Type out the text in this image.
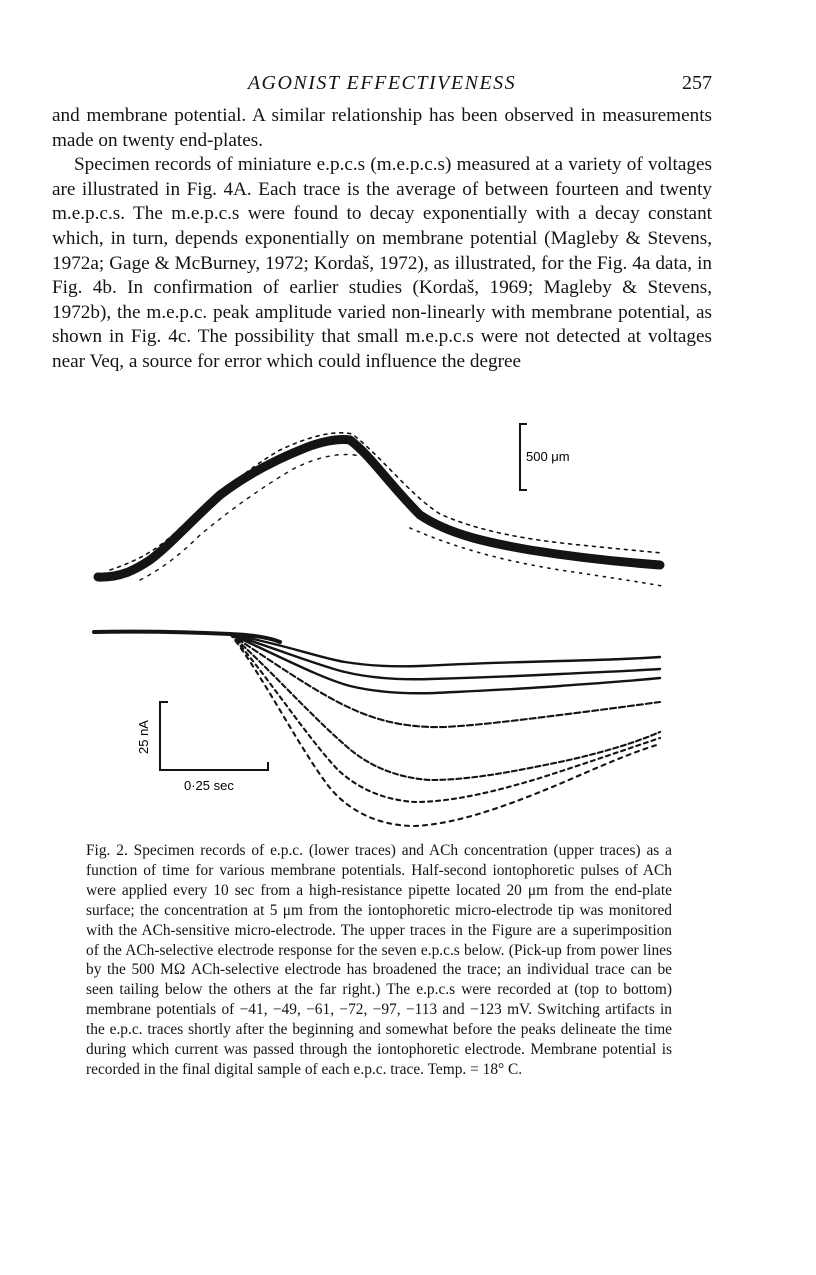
AGONIST EFFECTIVENESS	257

and membrane potential. A similar relationship has been observed in measurements made on twenty end-plates.

Specimen records of miniature e.p.c.s (m.e.p.c.s) measured at a variety of voltages are illustrated in Fig. 4A. Each trace is the average of between fourteen and twenty m.e.p.c.s. The m.e.p.c.s were found to decay exponentially with a decay constant which, in turn, depends exponentially on membrane potential (Magleby & Stevens, 1972a; Gage & McBurney, 1972; Kordaš, 1972), as illustrated, for the Fig. 4a data, in Fig. 4b. In confirmation of earlier studies (Kordaš, 1969; Magleby & Stevens, 1972b), the m.e.p.c. peak amplitude varied non-linearly with membrane potential, as shown in Fig. 4c. The possibility that small m.e.p.c.s were not detected at voltages near Veq, a source for error which could influence the degree

500 μm
25 nA
0·25 sec
Fig. 2. Specimen records of e.p.c. (lower traces) and ACh concentration (upper traces) as a function of time for various membrane potentials. Half-second iontophoretic pulses of ACh were applied every 10 sec from a high-resistance pipette located 20 μm from the end-plate surface; the concentration at 5 μm from the iontophoretic micro-electrode tip was monitored with the ACh-sensitive micro-electrode. The upper traces in the Figure are a superimposition of the ACh-selective electrode response for the seven e.p.c.s below. (Pick-up from power lines by the 500 MΩ ACh-selective electrode has broadened the trace; an individual trace can be seen tailing below the others at the far right.) The e.p.c.s were recorded at (top to bottom) membrane potentials of −41, −49, −61, −72, −97, −113 and −123 mV. Switching artifacts in the e.p.c. traces shortly after the beginning and somewhat before the peaks delineate the time during which current was passed through the iontophoretic electrode. Membrane potential is recorded in the final digital sample of each e.p.c. trace. Temp. = 18° C.
